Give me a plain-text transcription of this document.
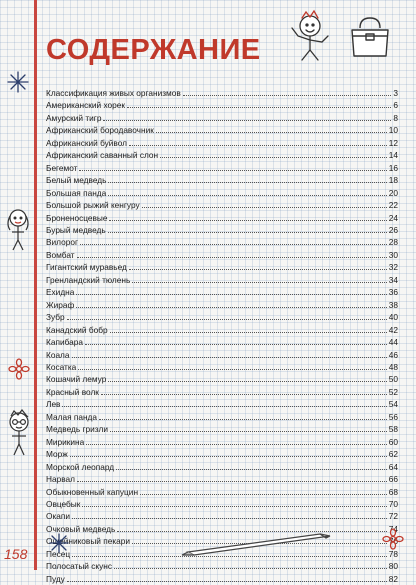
СОДЕРЖАНИЕ
Классификация живых организмов	3
Американский хорек	6
Амурский тигр	8
Африканский бородавочник	10
Африканский буйвол	12
Африканский саванный слон	14
Бегемот	16
Белый медведь	18
Большая панда	20
Большой рыжий кенгуру	22
Броненосцевые	24
Бурый медведь	26
Вилорог	28
Вомбат	30
Гигантский муравьед	32
Гренландский тюлень	34
Ехидна	36
Жираф	38
Зубр	40
Канадский бобр	42
Капибара	44
Коала	46
Косатка	48
Кошачий лемур	50
Красный волк	52
Лев	54
Малая панда	56
Медведь гризли	58
Мирикина	60
Морж	62
Морской леопард	64
Нарвал	66
Обыкновенный капуцин	68
Овцебык	70
Окапи	72
Очковый медведь	74
Ошейниковый пекари	76
Песец	78
Полосатый скунс	80
Пуду	82
158
